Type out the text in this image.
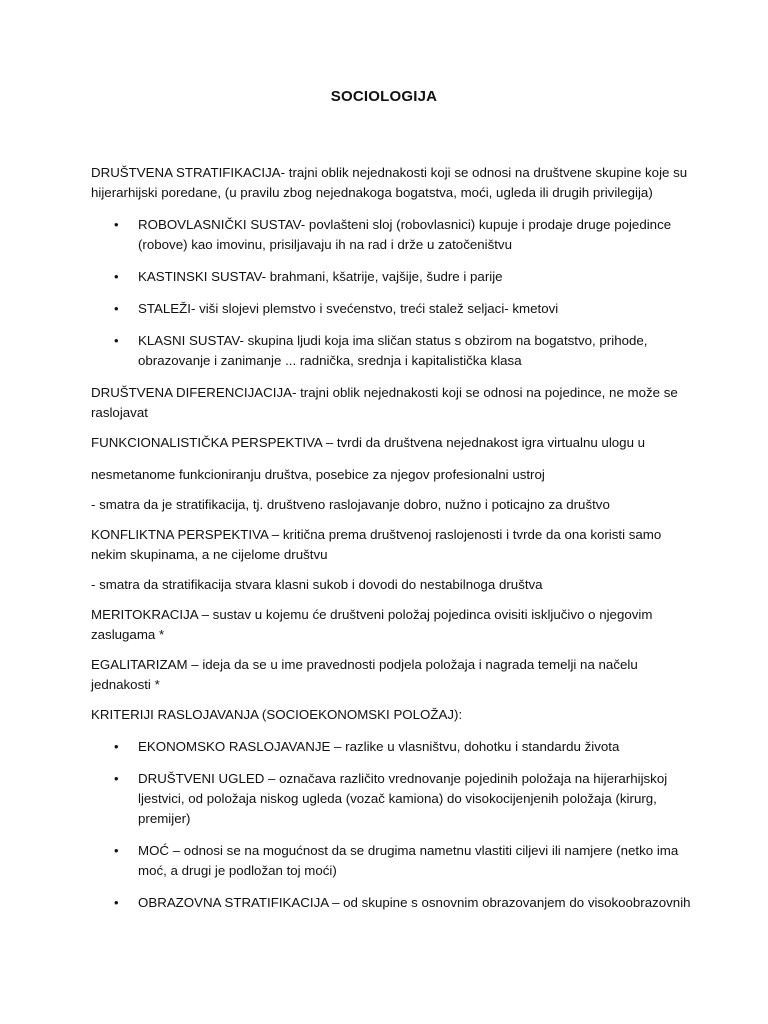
SOCIOLOGIJA

DRUŠTVENA STRATIFIKACIJA- trajni oblik nejednakosti koji se odnosi na društvene skupine koje su hijerarhijski poredane, (u pravilu zbog nejednakoga bogatstva, moći, ugleda ili drugih privilegija)

• ROBOVLASNIČKI SUSTAV- povlašteni sloj (robovlasnici) kupuje i prodaje druge pojedince (robove) kao imovinu, prisiljavaju ih na rad i drže u zatočeništvu
• KASTINSKI SUSTAV- brahmani, kšatrije, vajšije, šudre i parije
• STALEŽI- viši slojevi plemstvo i svećenstvo, treći stalež seljaci- kmetovi
• KLASNI SUSTAV- skupina ljudi koja ima sličan status s obzirom na bogatstvo, prihode, obrazovanje i zanimanje ... radnička, srednja i kapitalistička klasa

DRUŠTVENA DIFERENCIJACIJA- trajni oblik nejednakosti koji se odnosi na pojedince, ne može se raslojavat

FUNKCIONALISTIČKA PERSPEKTIVA – tvrdi da društvena nejednakost igra virtualnu ulogu u

nesmetanome funkcioniranju društva, posebice za njegov profesionalni ustroj

- smatra da je stratifikacija, tj. društveno raslojavanje dobro, nužno i poticajno za društvo

KONFLIKTNA PERSPEKTIVA – kritična prema društvenoj raslojenosti i tvrde da ona koristi samo nekim skupinama, a ne cijelome društvu

- smatra da stratifikacija stvara klasni sukob i dovodi do nestabilnoga društva

MERITOKRACIJA – sustav u kojemu će društveni položaj pojedinca ovisiti isključivo o njegovim zaslugama *

EGALITARIZAM – ideja da se u ime pravednosti podjela položaja i nagrada temelji na načelu jednakosti *

KRITERIJI RASLOJAVANJA (SOCIOEKONOMSKI POLOŽAJ):

• EKONOMSKO RASLOJAVANJE – razlike u vlasništvu, dohotku i standardu života
• DRUŠTVENI UGLED – označava različito vrednovanje pojedinih položaja na hijerarhijskoj ljestvici, od položaja niskog ugleda (vozač kamiona) do visokocijenjenih položaja (kirurg, premijer)
• MOĆ – odnosi se na mogućnost da se drugima nametnu vlastiti ciljevi ili namjere (netko ima moć, a drugi je podložan toj moći)
• OBRAZOVNA STRATIFIKACIJA – od skupine s osnovnim obrazovanjem do visokoobrazovnih
